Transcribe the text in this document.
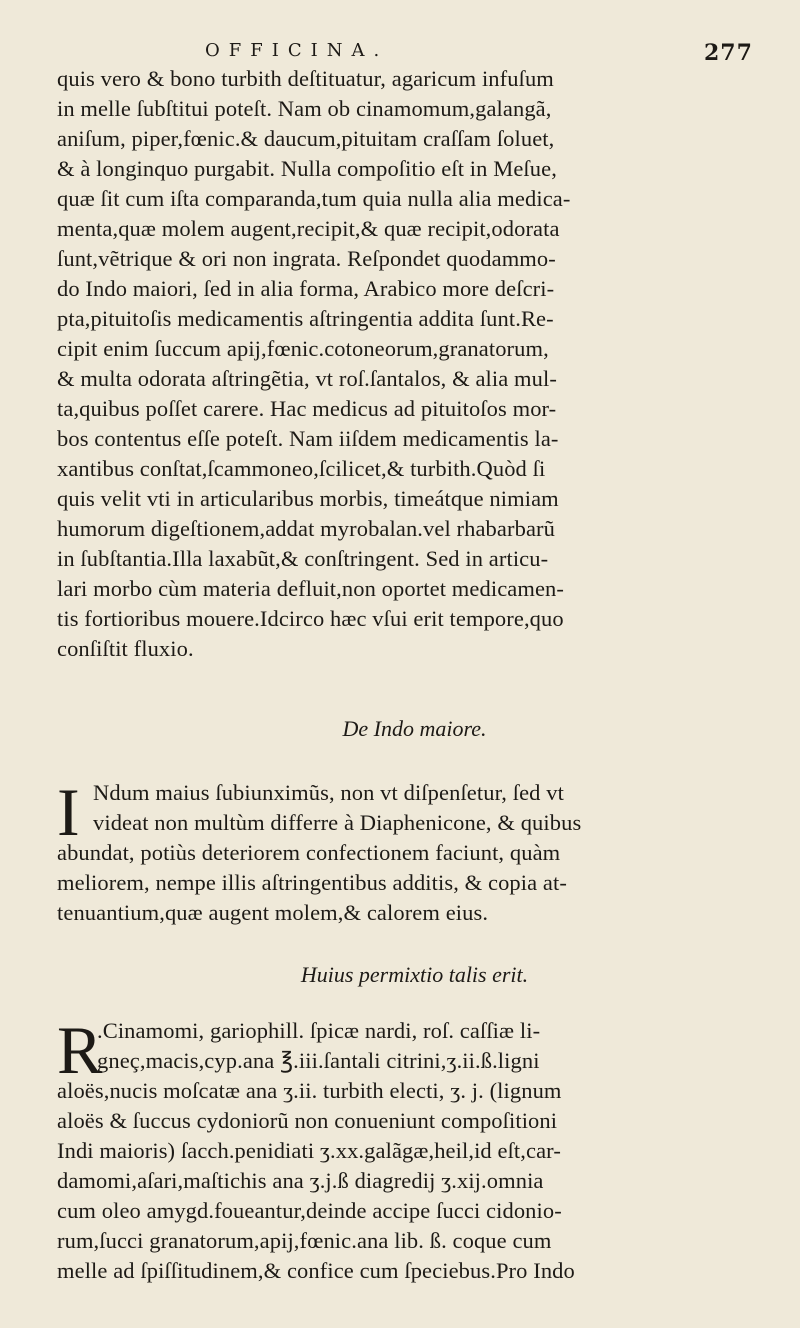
OFFICINA.	277
quis vero & bono turbith deſtituatur, agaricum infuſum
in melle ſubſtitui poteſt. Nam ob cinamomum,galangã,
aniſum, piper,fœnic.& daucum,pituitam craſſam ſoluet,
& à longinquo purgabit. Nulla compoſitio eſt in Meſue,
quæ ſit cum iſta comparanda,tum quia nulla alia medica-
menta,quæ molem augent,recipit,& quæ recipit,odorata
ſunt,vẽtrique & ori non ingrata. Reſpondet quodammo-
do Indo maiori, ſed in alia forma, Arabico more deſcri-
pta,pituitoſis medicamentis aſtringentia addita ſunt.Re-
cipit enim ſuccum apij,fœnic.cotoneorum,granatorum,
& multa odorata aſtringẽtia, vt roſ.ſantalos, & alia mul-
ta,quibus poſſet carere. Hac medicus ad pituitoſos mor-
bos contentus eſſe poteſt. Nam iiſdem medicamentis la-
xantibus conſtat,ſcammoneo,ſcilicet,& turbith.Quòd ſi
quis velit vti in articularibus morbis, timeátque nimiam
humorum digeſtionem,addat myrobalan.vel rhabarbarũ
in ſubſtantia.Illa laxabũt,& conſtringent. Sed in articu-
lari morbo cùm materia defluit,non oportet medicamen-
tis fortioribus mouere.Idcirco hæc vſui erit tempore,quo
conſiſtit fluxio.
De Indo maiore.
I Ndum maius ſubiunximũs, non vt diſpenſetur, ſed vt
videat non multùm differre à Diaphenicone, & quibus
abundat, potiùs deteriorem confectionem faciunt, quàm
meliorem, nempe illis aſtringentibus additis, & copia at-
tenuantium,quæ augent molem,& calorem eius.
Huius permixtio talis erit.
R
.Cinamomi, gariophill. ſpicæ nardi, roſ. caſſiæ li-
gneç,macis,cyp.ana ℥.iii.ſantali citrini,ʒ.ii.ß.ligni
aloës,nucis moſcatæ ana ʒ.ii. turbith electi, ʒ. j. (lignum
aloës & ſuccus cydoniorũ non conueniunt compoſitioni
Indi maioris) ſacch.penidiati ʒ.xx.galãgæ,heil,id eſt,car-
damomi,aſari,maſtichis ana ʒ.j.ß diagredij ʒ.xij.omnia
cum oleo amygd.foueantur,deinde accipe ſucci cidonio-
rum,ſucci granatorum,apij,fœnic.ana lib. ß. coque cum
melle ad ſpiſſitudinem,& confice cum ſpeciebus.Pro Indo
